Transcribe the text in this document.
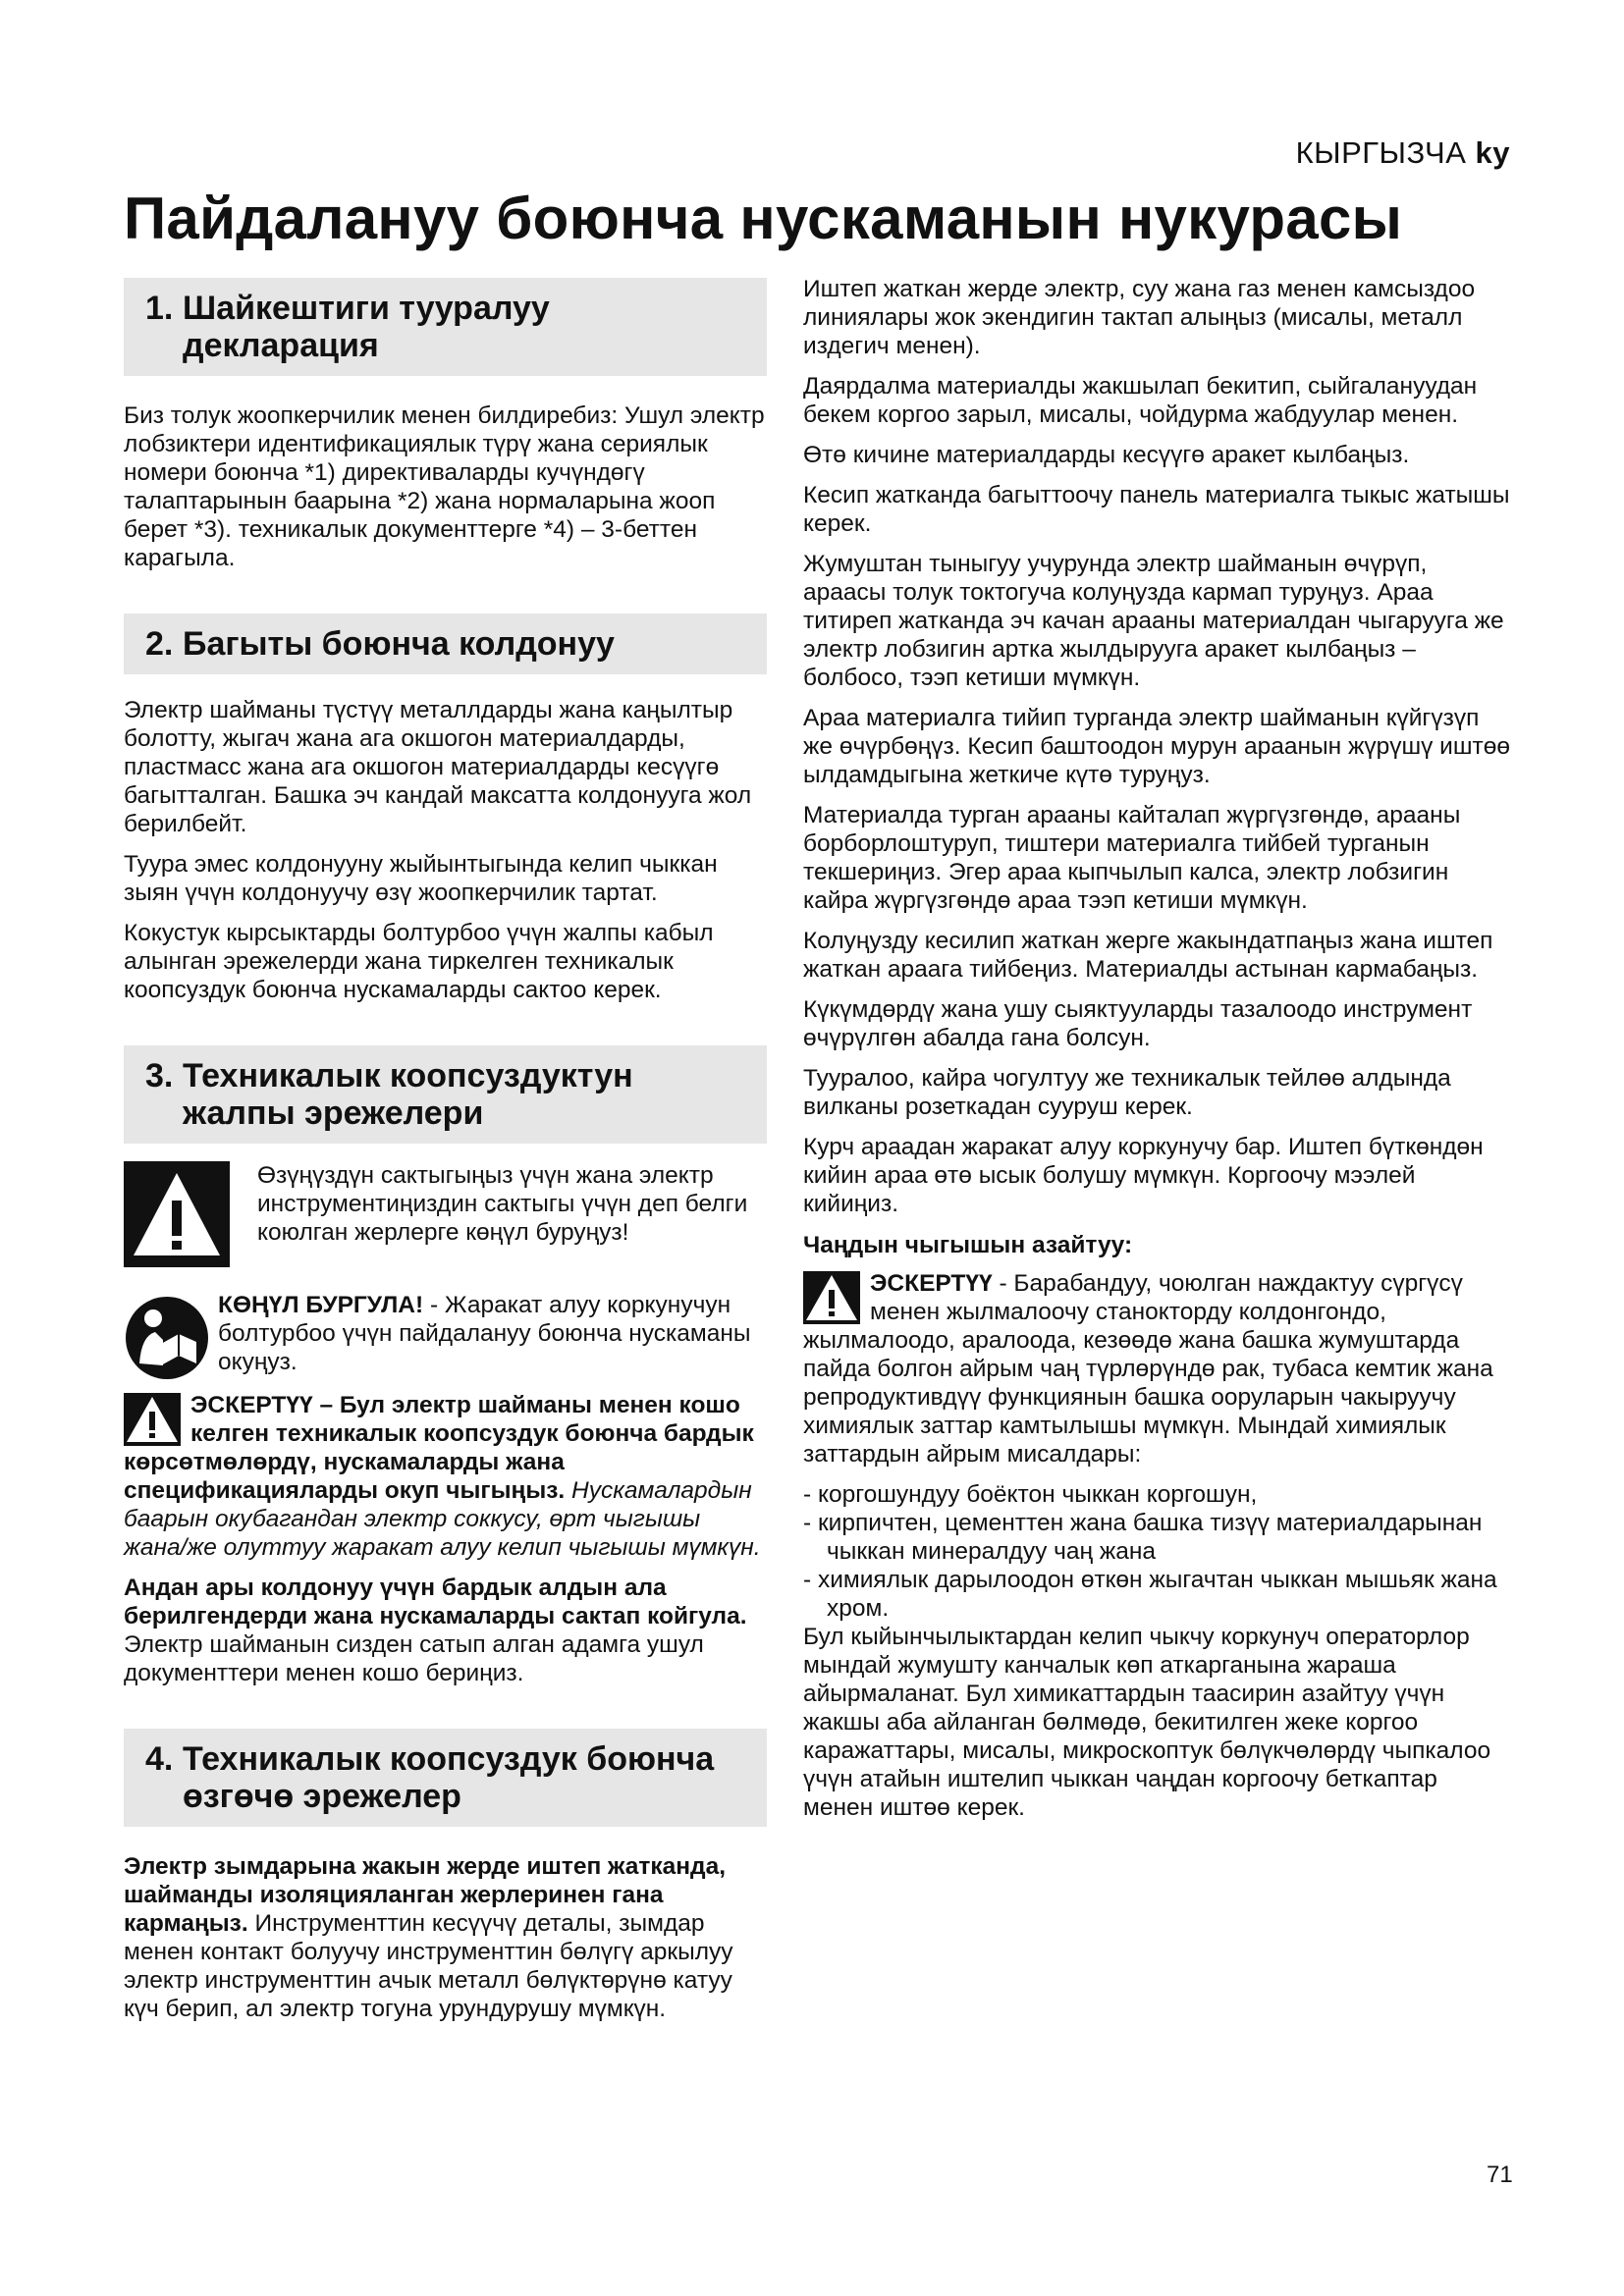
КЫРГЫЗЧА ky
Пайдалануу боюнча нускаманын нукурасы
1. Шайкештиги тууралуу декларация

Биз толук жоопкерчилик менен билдиребиз: Ушул электр лобзиктери идентификациялык түрү жана сериялык номери боюнча *1) директиваларды кучүндөгү талаптарынын баарына *2) жана нормаларына жооп берет *3). техникалык документтерге *4) – 3-беттен карагыла.

2. Багыты боюнча колдонуу

Электр шайманы түстүү металлдарды жана каңылтыр болотту, жыгач жана ага окшогон материалдарды, пластмасс жана ага окшогон материалдарды кесүүгө багытталган. Башка эч кандай максатта колдонууга жол берилбейт.

Туура эмес колдонууну жыйынтыгында келип чыккан зыян үчүн колдонуучу өзү жоопкерчилик тартат.

Кокустук кырсыктарды болтурбоо үчүн жалпы кабыл алынган эрежелерди жана тиркелген техникалык коопсуздук боюнча нускамаларды сактоо керек.

3. Техникалык коопсуздуктун жалпы эрежелери
Өзүңүздүн сактыгыңыз үчүн жана электр инструментиңиздин сактыгы үчүн деп белги коюлган жерлерге көңүл буруңуз!
КӨҢҮЛ БУРГУЛА! - Жаракат алуу коркунучун болтурбоо үчүн пайдалануу боюнча нускаманы окуңуз.
ЭСКЕРТҮҮ – Бул электр шайманы менен кошо келген техникалык коопсуздук боюнча бардык көрсөтмөлөрдү, нускамаларды жана спецификацияларды окуп чыгыңыз. Нускамалардын баарын окубагандан электр соккусу, өрт чыгышы жана/же олуттуу жаракат алуу келип чыгышы мүмкүн.

Андан ары колдонуу үчүн бардык алдын ала берилгендерди жана нускамаларды сактап койгула.

Электр шайманын сизден сатып алган адамга ушул документтери менен кошо бериңиз.

4. Техникалык коопсуздук боюнча өзгөчө эрежелер

Электр зымдарына жакын жерде иштеп жатканда, шайманды изоляцияланган жерлеринен гана кармаңыз. Инструменттин кесүүчү деталы, зымдар менен контакт болуучу инструменттин бөлүгү аркылуу электр инструменттин ачык металл бөлүктөрүнө катуу күч берип, ал электр тогуна урундурушу мүмкүн.

Иштеп жаткан жерде электр, суу жана газ менен камсыздоо линиялары жок экендигин тактап алыңыз (мисалы, металл издегич менен).

Даярдалма материалды жакшылап бекитип, сыйгалануудан бекем коргоо зарыл, мисалы, чойдурма жабдуулар менен.

Өтө кичине материалдарды кесүүгө аракет кылбаңыз.

Кесип жатканда багыттоочу панель материалга тыкыс жатышы керек.

Жумуштан тыныгуу учурунда электр шайманын өчүрүп, араасы толук токтогуча колуңузда кармап туруңуз. Араа титиреп жатканда эч качан арааны материалдан чыгарууга же электр лобзигин артка жылдырууга аракет кылбаңыз – болбосо, тээп кетиши мүмкүн.

Араа материалга тийип турганда электр шайманын күйгүзүп же өчүрбөңүз. Кесип баштоодон мурун арaанын жүрүшү иштөө ылдамдыгына жеткиче күтө туруңуз.

Материалда турган арааны кайталап жүргүзгөндө, арааны борборлоштуруп, тиштери материалга тийбей турганын текшериңиз. Эгер араа кыпчылып калса, электр лобзигин кайра жүргүзгөндө араа тээп кетиши мүмкүн.

Колуңузду кесилип жаткан жерге жакындатпаңыз жана иштеп жаткан арaага тийбеңиз. Материалды астынан кармабаңыз.

Күкүмдөрдү жана ушу сыяктууларды тазалоодо инструмент өчүрүлгөн абалда гана болсун.

Тууралоо, кайра чогултуу же техникалык тейлөө алдында вилканы розеткадан сууруш керек.

Курч араадан жаракат алуу коркунучу бар. Иштеп бүткөндөн кийин араа өтө ысык болушу мүмкүн. Коргоочу мээлей кийиңиз.

Чаңдын чыгышын азайтуу:
ЭСКЕРТҮҮ - Барабандуу, чоюлган наждактуу сүргүсү менен жылмалоочу станокторду колдонгондо, жылмалоодо, аралоода, кезөөдө жана башка жумуштарда пайда болгон айрым чаң түрлөрүндө рак, тубаса кемтик жана репродуктивдүү функциянын башка ооруларын чакыруучу химиялык заттар камтылышы мүмкүн. Мындай химиялык заттардын айрым мисалдары:
- коргошундуу боёктон чыккан коргошун,
- кирпичтен, цементтен жана башка тизүү материалдарынан чыккан минералдуу чаң жана
- химиялык дарылоодон өткөн жыгачтан чыккан мышьяк жана хром.

Бул кыйынчылыктардан келип чыкчу коркунуч операторлор мындай жумушту канчалык көп аткарганына жараша айырмаланат. Бул химикаттардын таасирин азайтуу үчүн жакшы аба айланган бөлмөдө, бекитилген жеке коргоо каражаттары, мисалы, микроскоптук бөлүкчөлөрдү чыпкалоо үчүн атайын иштелип чыккан чаңдан коргоочу беткаптар менен иштөө керек.

71
